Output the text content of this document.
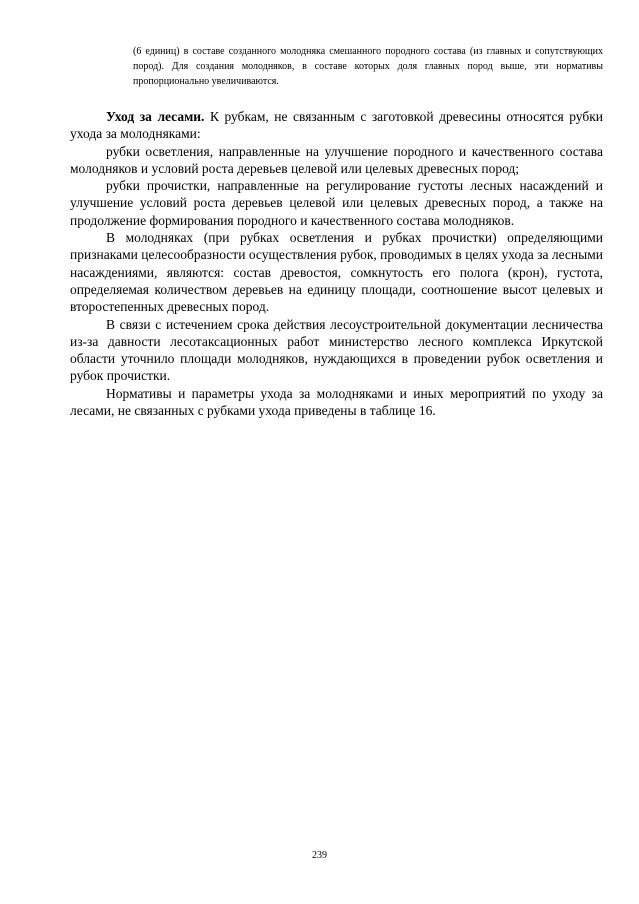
(6 единиц) в составе созданного молодняка смешанного породного состава (из главных и сопутствующих пород). Для создания молодняков, в составе которых доля главных пород выше, эти нормативы пропорционально увеличиваются.

Уход за лесами. К рубкам, не связанным с заготовкой древесины относятся рубки ухода за молодняками:

рубки осветления, направленные на улучшение породного и качественного состава молодняков и условий роста деревьев целевой или целевых древесных пород;

рубки прочистки, направленные на регулирование густоты лесных насаждений и улучшение условий роста деревьев целевой или целевых древесных пород, а также на продолжение формирования породного и качественного состава молодняков.

В молодняках (при рубках осветления и рубках прочистки) определяющими признаками целесообразности осуществления рубок, проводимых в целях ухода за лесными насаждениями, являются: состав древостоя, сомкнутость его полога (крон), густота, определяемая количеством деревьев на единицу площади, соотношение высот целевых и второстепенных древесных пород.

В связи с истечением срока действия лесоустроительной документации лесничества из-за давности лесотаксационных работ министерство лесного комплекса Иркутской области уточнило площади молодняков, нуждающихся в проведении рубок осветления и рубок прочистки.

Нормативы и параметры ухода за молодняками и иных мероприятий по уходу за лесами, не связанных с рубками ухода приведены в таблице 16.

239
